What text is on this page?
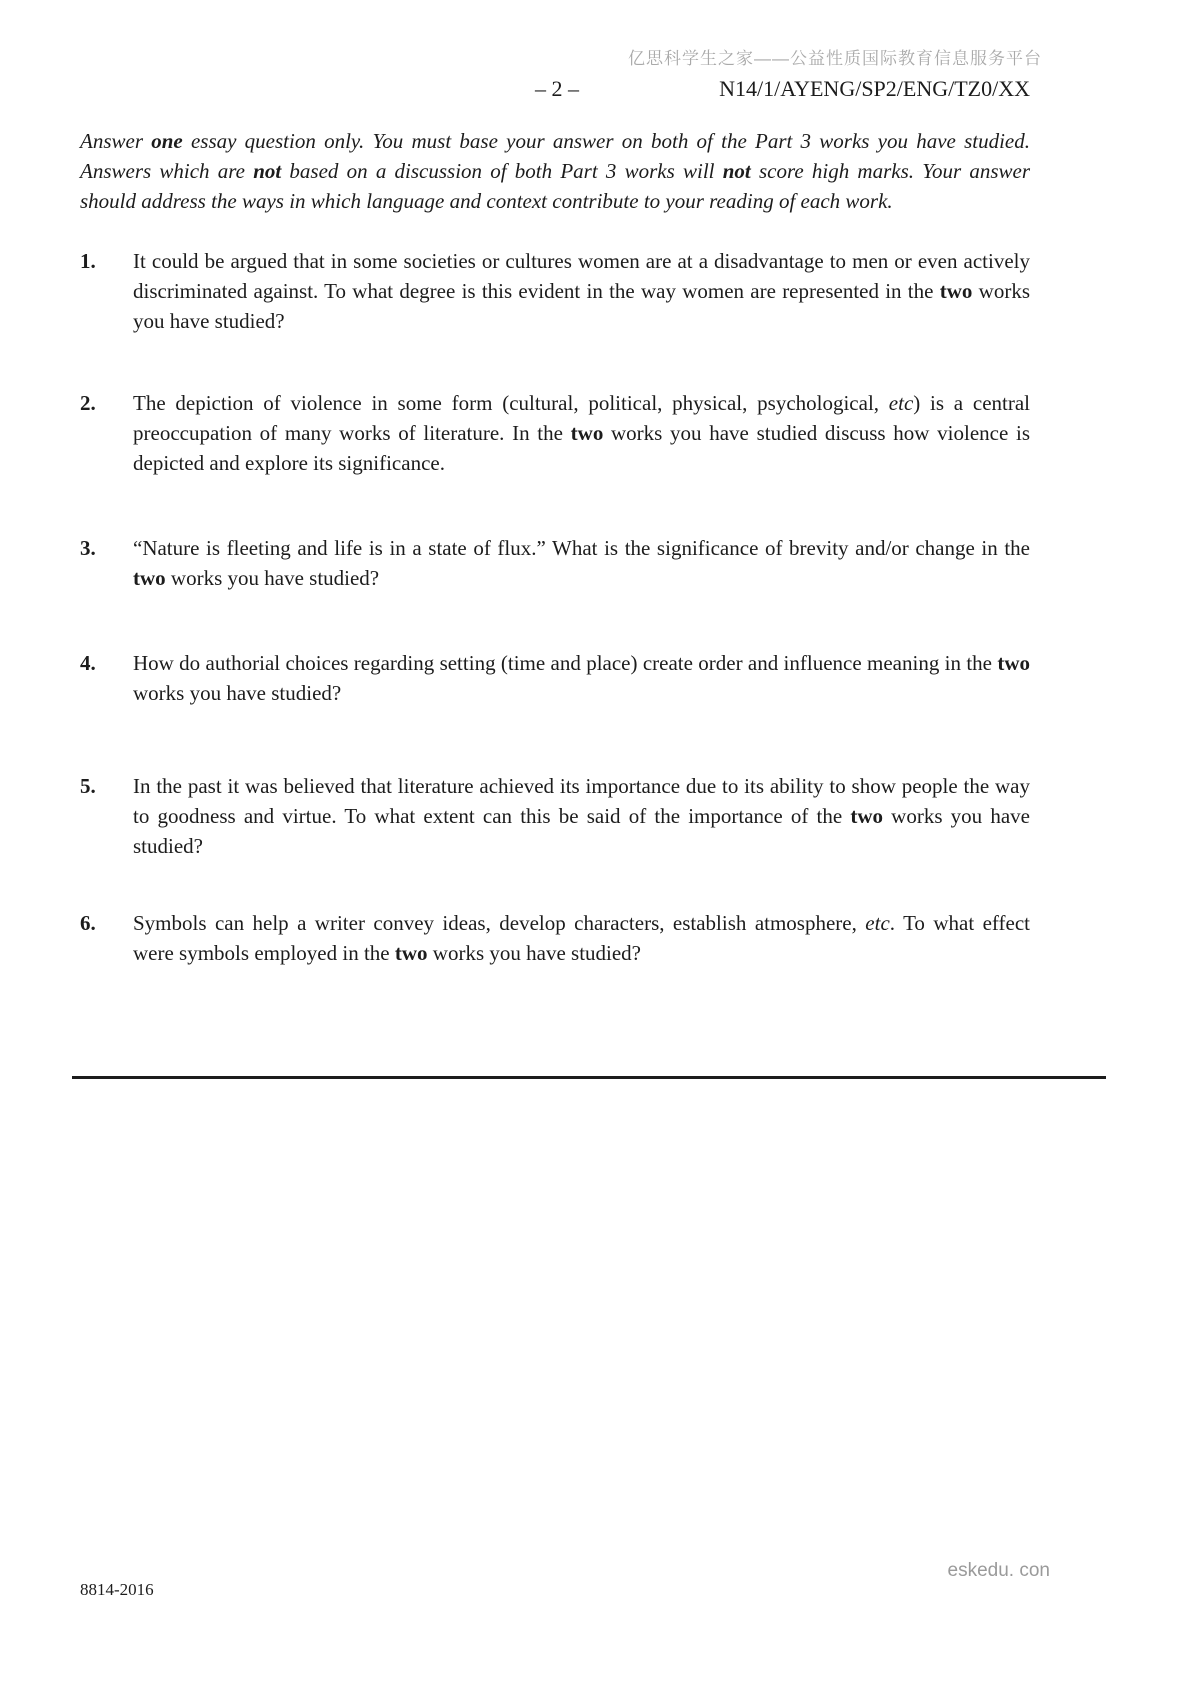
亿思科学生之家——公益性质国际教育信息服务平台
– 2 –	N14/1/AYENG/SP2/ENG/TZ0/XX
Answer one essay question only. You must base your answer on both of the Part 3 works you have studied. Answers which are not based on a discussion of both Part 3 works will not score high marks. Your answer should address the ways in which language and context contribute to your reading of each work.
1.	It could be argued that in some societies or cultures women are at a disadvantage to men or even actively discriminated against. To what degree is this evident in the way women are represented in the two works you have studied?
2.	The depiction of violence in some form (cultural, political, physical, psychological, etc) is a central preoccupation of many works of literature. In the two works you have studied discuss how violence is depicted and explore its significance.
3.	“Nature is fleeting and life is in a state of flux.” What is the significance of brevity and/or change in the two works you have studied?
4.	How do authorial choices regarding setting (time and place) create order and influence meaning in the two works you have studied?
5.	In the past it was believed that literature achieved its importance due to its ability to show people the way to goodness and virtue. To what extent can this be said of the importance of the two works you have studied?
6.	Symbols can help a writer convey ideas, develop characters, establish atmosphere, etc. To what effect were symbols employed in the two works you have studied?
8814-2016
eskedu. con
